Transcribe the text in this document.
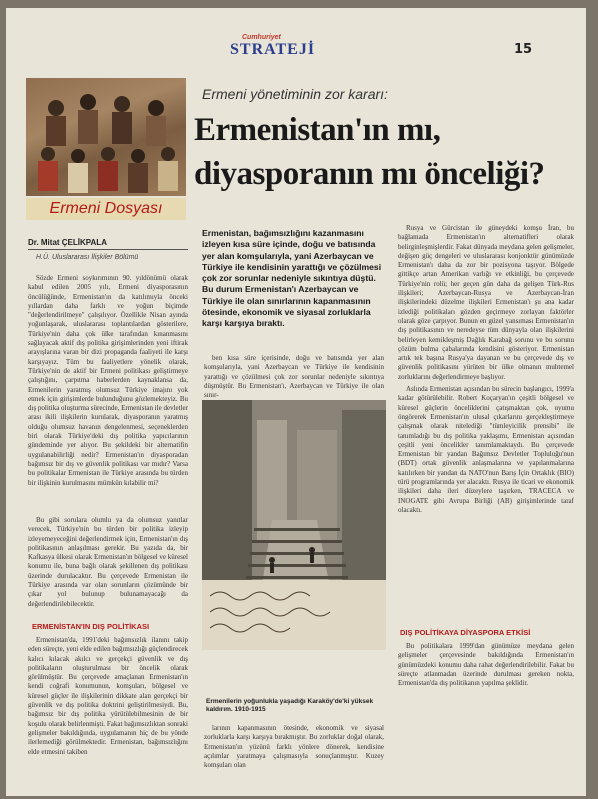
Cumhuriyet
STRATEJİ	15
Ermeni Dosyası
Ermeni yönetiminin zor kararı:
Ermenistan'ın mı,
diyasporanın mı önceliği?
Dr. Mitat ÇELİKPALA
H.Ü. Uluslararası İlişkiler Bölümü

Sözde Ermeni soykırımının 90. yıldönümü olarak kabul edilen 2005 yılı, Ermeni diyasporasının öncülüğünde, Ermenistan'ın da katılımıyla önceki yıllardan daha farklı ve yoğun biçimde "değerlendirilmeye" çalışılıyor. Özellikle Nisan ayında yoğunlaşarak, uluslararası toplantılardan gösterilere, Türkiye'nin daha çok ülke tarafından kınanmasını sağlayacak aktif dış politika girişimlerinden yeni iftirak arayışlarına varan bir dizi propaganda faaliyeti ile karşı karşıyayız. Tüm bu faaliyetlere yönelik olarak, Türkiye'nin de aktif bir Ermeni politikası geliştirmeye çalıştığını, çarpıtma haberlerden kaynaklansa da, Ermenilerin yaratmış olumsuz Türkiye imajını yok etmek için girişimlerde bulunduğunu gözlemekteyiz. Bu dış politika oluşturma sürecinde, Ermenistan ile devletler arası ikili ilişkilerin kurularak, diyasporanın yaratmış olduğu olumsuz havanın dengelenmesi, seçeneklerden biri olarak Türkiye'deki dış politika yapıcılarının gündeminde yer alıyor. Bu şekildeki bir alternatifin uygulanabilirliği nedir? Ermenistan'ın diyasporadan bağımsız bir dış ve güvenlik politikası var mıdır? Varsa bu politikalar Ermenistan ile Türkiye arasında bu türden bir ilişkinin kurulmasını mümkün kılabilir mi?

Bu gibi sorulara olumlu ya da olumsuz yanıtlar verecek, Türkiye'nin bu türden bir politika izleyip izleyemeyeceğini değerlendirmek için, Ermenistan'ın dış politikasının anlaşılması gerekir. Bu yazıda da, bir Kafkasya ülkesi olarak Ermenistan'ın bölgesel ve küresel konumu ile, buna bağlı olarak şekillenen dış politikası üzerinde durulacaktır. Bu çerçevede Ermenistan ile Türkiye arasında var olan sorunların çözümünde bir çıkar yol bulunup bulunamayacağı da değerlendirilebilecektir.

ERMENİSTAN'IN DIŞ POLİTİKASI

Ermenistan'da, 1991'deki bağımsızlık ilanını takip eden süreçte, yeni elde edilen bağımsızlığı güçlendirecek kalıcı kılacak akılcı ve gerçekçi güvenlik ve dış politikaların oluşturulması bir öncelik olarak görülmüştür. Bu çerçevede amaçlanan Ermenistan'ın kendi coğrafi konumunun, komşuları, bölgesel ve küresel güçler ile ilişkilerinin dikkate alan gerçekçi bir güvenlik ve dış politika doktrini geliştirilmesiydi. Bu, bağımsız bir dış politika yürütülebilmesinin de bir koşulu olarak belirlenmişti. Fakat bağımsızlıktan sonraki gelişmeler bakıldığında, uygulamanın hiç de bu yönde ilerlemediği görülmektedir. Ermenistan, bağımsızlığını elde etmesini takiben

Ermenistan, bağımsızlığını kazanmasını izleyen kısa süre içinde, doğu ve batısında yer alan komşularıyla, yani Azerbaycan ve Türkiye ile kendisinin yarattığı ve çözülmesi çok zor sorunlar nedeniyle sıkıntıya düştü. Bu durum Ermenistan'ı Azerbaycan ve Türkiye ile olan sınırlarının kapanmasının ötesinde, ekonomik ve siyasal zorluklarla karşı karşıya bıraktı.

ben kısa süre içerisinde, doğu ve batısında yer alan komşularıyla, yani Azerbaycan ve Türkiye ile kendisinin yarattığı ve çözülmesi çok zor sorunlar nedeniyle sıkıntıya düşmüştür. Bu Ermenistan'ı, Azerbaycan ve Türkiye ile olan sınır-

Ermenilerin yoğunlukla yaşadığı Karaköy'de'ki yüksek kaldırım. 1910-1915

larının kapanmasının ötesinde, ekonomik ve siyasal zorluklarla karşı karşıya bırakmıştır. Bu zorluklar doğal olarak, Ermenistan'ın yüzünü farklı yönlere dönerek, kendisine açılımlar yaratmaya çalışmasıyla sonuçlanmıştır. Kuzey komşuları olan

Rusya ve Gürcistan ile güneydeki komşu İran, bu bağlamada Ermenistan'ın alternatifleri olarak belirginleşmişlerdir. Fakat dünyada meydana gelen gelişmeler, değişen güç dengeleri ve uluslararası konjonktür günümüzde Ermenistan'ı daha da zor bir pozisyona taşıyor. Bölgede gittikçe artan Amerikan varlığı ve etkinliği, bu çerçevede Türkiye'nin rolü; her geçen gün daha da gelişen Türk-Rus ilişkileri; Azerbaycan-Rusya ve Azerbaycan-İran ilişkilerindeki düzelme ilişkileri Ermenistan'ı şu ana kadar izlediği politikaları gözden geçirmeye zorlayan faktörler olarak göze çarpıyor. Bunun en güzel yansıması Ermenistan'ın dış politikasının ve neredeyse tüm dünyayla olan ilişkilerini belirleyen kemikleşmiş Dağlık Karabağ sorunu ve bu sorunu çözüm bulma çabalarında kendisini gösteriyor. Ermenistan artık tek başına Rusya'ya dayanan ve bu çerçevede dış ve güvenlik politikasını yürüten bir ülke olmanın muhtemel zorluklarını değerlendirmeye başlıyor.

Aslında Ermenistan açısından bu sürecin başlangıcı, 1999'a kadar götürülebilir. Robert Koçaryan'ın çeşitli bölgesel ve küresel güçlerin önceliklerini çatışmaktan çok, uyumu öngörerek Ermenistan'ın ulusal çıkarlarını gerçekleştirmeye çalışmak olarak nitelediği "tümleyicilik prensibi" ile tanımladığı bu dış politika yaklaşımı, Ermenistan açısından çeşitli yeni öncelikler tanımlamaktaydı. Bu çerçevede Ermenistan bir yandan Bağımsız Devletler Topluluğu'nun (BDT) ortak güvenlik anlaşmalarına ve yapılanmalarına katılırken bir yandan da NATO'nun Barış İçin Ortaklık (BIO) türü programlarında yer alacaktı. Rusya ile ticari ve ekonomik ilişkileri daha ileri düzeylere taşırken, TRACECA ve INOGATE gibi Avrupa Birliği (AB) girişimlerinde taraf olacaktı.

DIŞ POLİTİKAYA DİYASPORA ETKİSİ

Bu politikalara 1999'dan günümüze meydana gelen gelişmeler çerçevesinde bakıldığında Ermenistan'ın günümüzdeki konumu daha rahat değerlendirilebilir. Fakat bu süreçte atlanmadan üzerinde durulması gereken nokta, Ermenistan'da dış politikanın yapılma şeklidir.
